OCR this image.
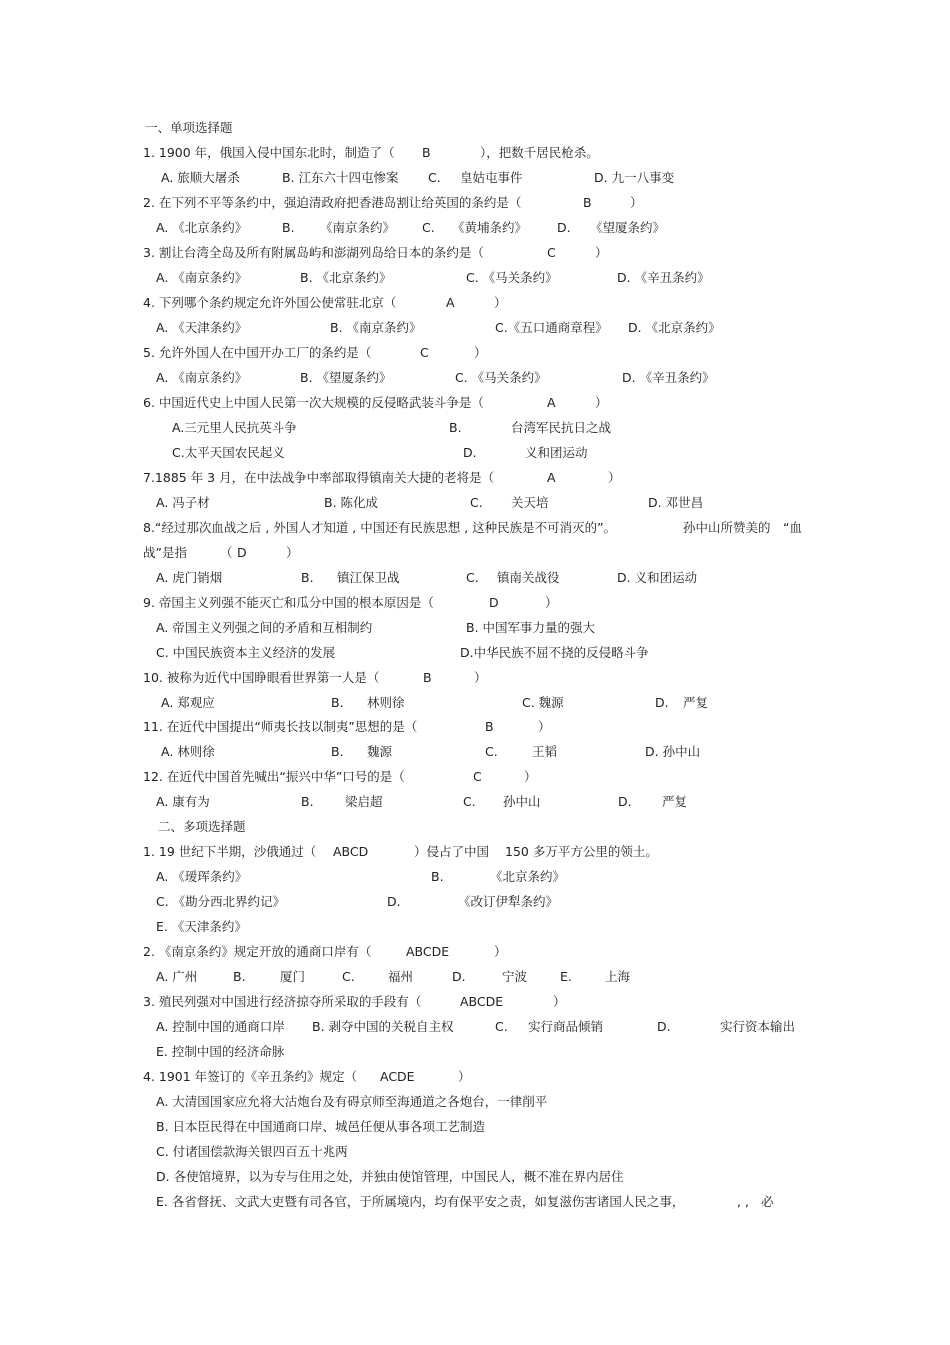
一、单项选择题
1. 1900 年，俄国入侵中国东北时，制造了（ B	），把数千居民枪杀。
A. 旅顺大屠杀	B. 江东六十四屯惨案 C. 皇姑屯事件	D. 九一八事变
2. 在下列不平等条约中，强迫清政府把香港岛割让给英国的条约是（	B	）
A. 《北京条约》	B. 《南京条约》 C. 《黄埔条约》 D. 《望厦条约》
3. 割让台湾全岛及所有附属岛屿和澎湖列岛给日本的条约是（	C	）
A. 《南京条约》	B. 《北京条约》	C. 《马关条约》	D. 《辛丑条约》
4. 下列哪个条约规定允许外国公使常驻北京（	A	）
A. 《天津条约》	B. 《南京条约》	C.《五口通商章程》 D. 《北京条约》
5. 允许外国人在中国开办工厂的条约是（	C	）
A. 《南京条约》	B. 《望厦条约》	C. 《马关条约》	D. 《辛丑条约》
6. 中国近代史上中国人民第一次大规模的反侵略武装斗争是（	A	）
A.三元里人民抗英斗争	B.	台湾军民抗日之战
C.太平天国农民起义	D.	义和团运动
7.1885 年 3 月，在中法战争中率部取得镇南关大捷的老将是（	A	）
A. 冯子材	B. 陈化成	C. 关天培	D. 邓世昌
8.“经过那次血战之后 , 外国人才知道 , 中国还有民族思想 , 这种民族是不可消灭的”。	孙中山所赞美的 “血
战”是指	（ D	）
A. 虎门销烟	B. 镇江保卫战	C. 镇南关战役	D. 义和团运动
9. 帝国主义列强不能灭亡和瓜分中国的根本原因是（	D	）
A. 帝国主义列强之间的矛盾和互相制约	B. 中国军事力量的强大
C. 中国民族资本主义经济的发展	D.中华民族不屈不挠的反侵略斗争
10. 被称为近代中国睁眼看世界第一人是（	B	）
A. 郑观应	B. 林则徐	C. 魏源	D. 严复
11. 在近代中国提出“师夷长技以制夷”思想的是（	B	）
A. 林则徐	B. 魏源	C.	王韬	D. 孙中山
12. 在近代中国首先喊出“振兴中华”口号的是（	C	）
A. 康有为	B.	梁启超	C. 孙中山	D. 严复
二、多项选择题
1. 19 世纪下半期，沙俄通过（ ABCD	）侵占了中国 150 多万平方公里的领土。
A. 《瑷珲条约》	B.	《北京条约》
C. 《勘分西北界约记》	D.	《改订伊犁条约》
E. 《天津条约》
2. 《南京条约》规定开放的通商口岸有（	ABCDE	）
A. 广州	B.	厦门	C.	福州	D.	宁波	E.	上海
3. 殖民列强对中国进行经济掠夺所采取的手段有（	ABCDE	）
A. 控制中国的通商口岸 B. 剥夺中国的关税自主权	C. 实行商品倾销	D.	实行资本输出
E. 控制中国的经济命脉
4. 1901 年签订的《辛丑条约》规定（ ACDE	）
A. 大清国国家应允将大沽炮台及有碍京师至海通道之各炮台，一律削平
B. 日本臣民得在中国通商口岸、城邑任便从事各项工艺制造
C. 付诸国偿款海关银四百五十兆两
D. 各使馆境界，以为专与住用之处，并独由使馆管理，中国民人，概不准在界内居住
E. 各省督抚、文武大吏暨有司各官，于所属境内，均有保平安之责，如复滋伤害诸国人民之事，	, , 必
